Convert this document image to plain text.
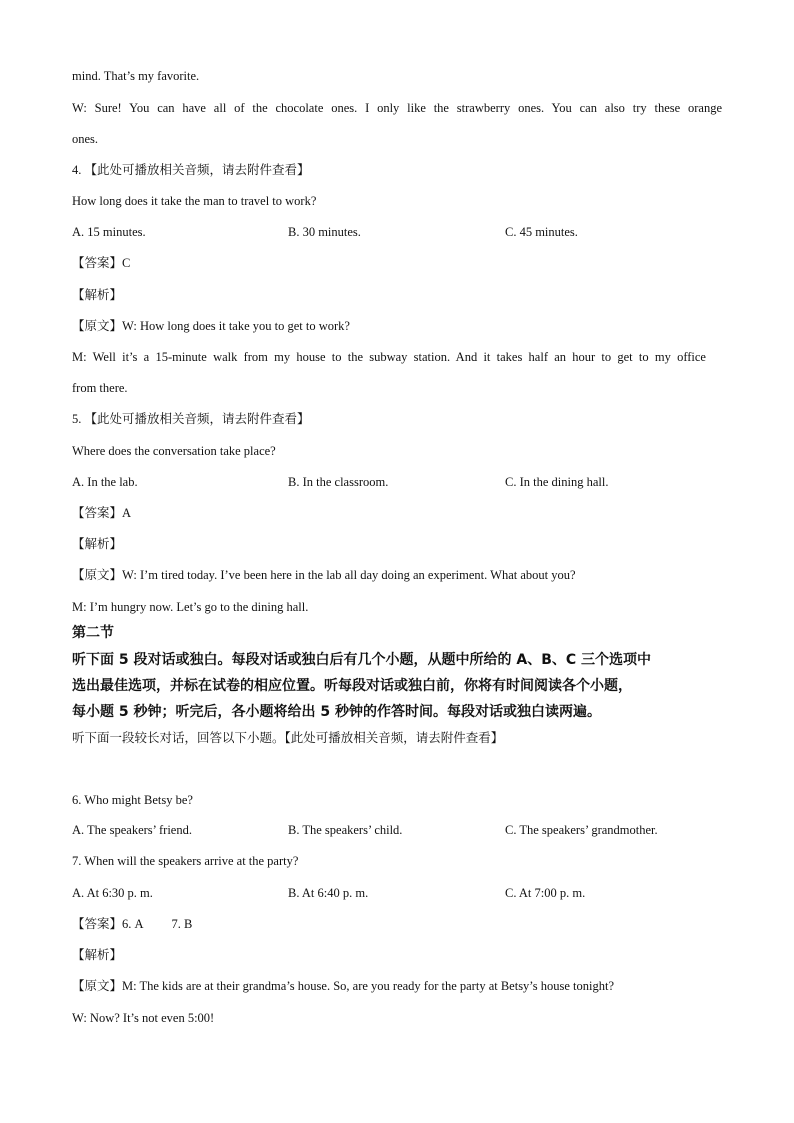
mind. That’s my favorite.

W: Sure! You can have all of the chocolate ones. I only like the strawberry ones. You can also try these orange

ones.

4. 【此处可播放相关音频，请去附件查看】

How long does it take the man to travel to work?

A. 15 minutes.	B. 30 minutes.	C. 45 minutes.

【答案】C

【解析】

【原文】W: How long does it take you to get to work?

M: Well it’s a 15-minute walk from my house to the subway station. And it takes half an hour to get to my office

from there.

5. 【此处可播放相关音频，请去附件查看】

Where does the conversation take place?

A. In the lab.	B. In the classroom.	C. In the dining hall.

【答案】A

【解析】

【原文】W: I’m tired today. I’ve been here in the lab all day doing an experiment. What about you?

M: I’m hungry now. Let’s go to the dining hall.

第二节

听下面 5 段对话或独白。每段对话或独白后有几个小题，从题中所给的 A、B、C 三个选项中

选出最佳选项，并标在试卷的相应位置。听每段对话或独白前，你将有时间阅读各个小题，

每小题 5 秒钟；听完后，各小题将给出 5 秒钟的作答时间。每段对话或独白读两遍。

听下面一段较长对话，回答以下小题。【此处可播放相关音频，请去附件查看】

6. Who might Betsy be?

A. The speakers’ friend.	B. The speakers’ child.	C. The speakers’ grandmother.

7. When will the speakers arrive at the party?

A. At 6:30 p. m.	B. At 6:40 p. m.	C. At 7:00 p. m.

【答案】6. A 7. B

【解析】

【原文】M: The kids are at their grandma’s house. So, are you ready for the party at Betsy’s house tonight?

W: Now? It’s not even 5:00!
